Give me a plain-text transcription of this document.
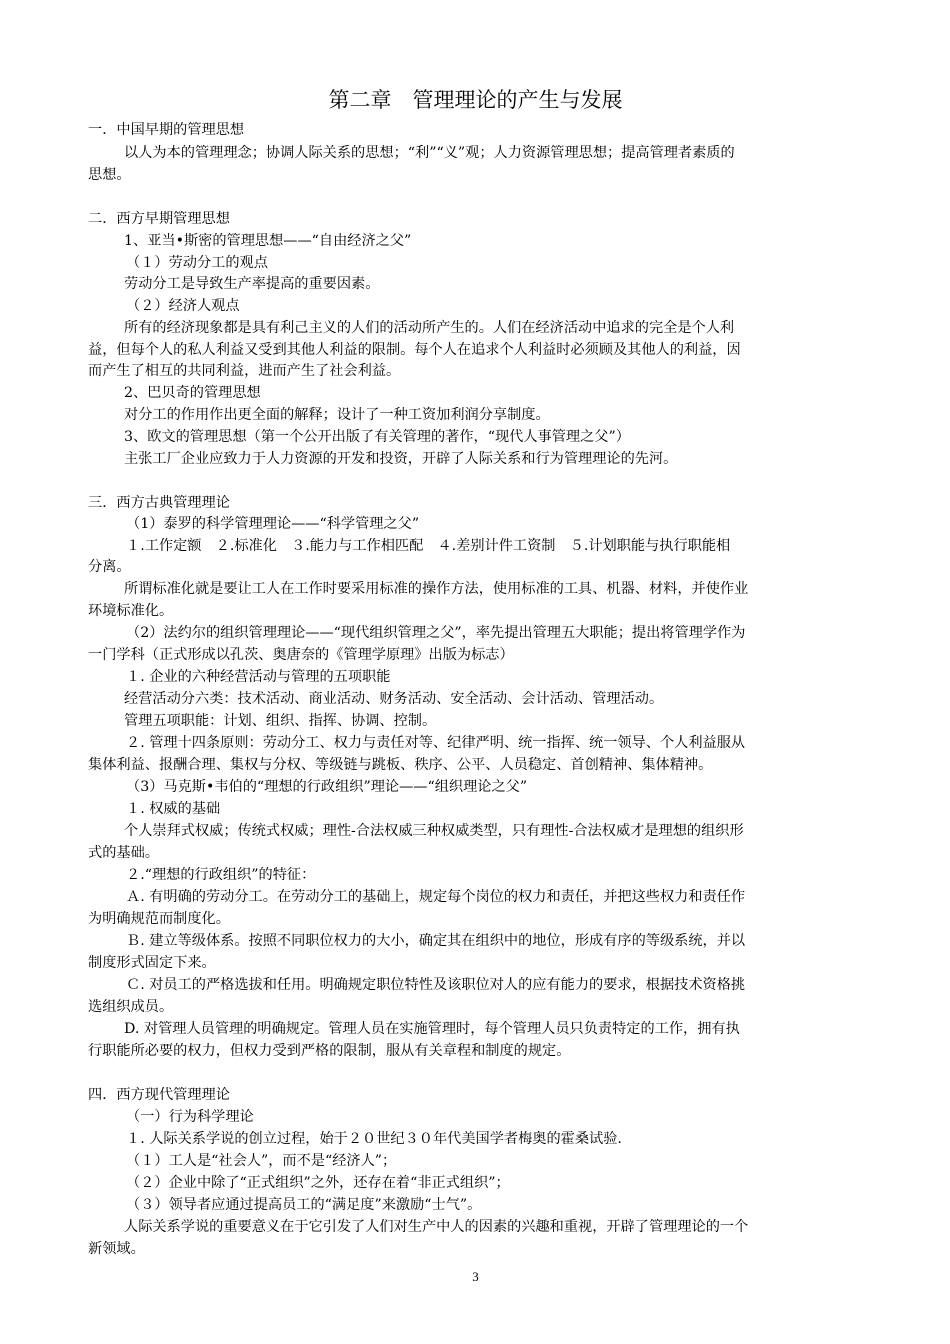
第二章　管理理论的产生与发展
一．中国早期的管理思想
以人为本的管理理念；协调人际关系的思想；“利”“义”观；人力资源管理思想；提高管理者素质的
思想。
二．西方早期管理思想
1、亚当•斯密的管理思想——“自由经济之父”
（１）劳动分工的观点
劳动分工是导致生产率提高的重要因素。
（２）经济人观点
所有的经济现象都是具有利己主义的人们的活动所产生的。人们在经济活动中追求的完全是个人利
益，但每个人的私人利益又受到其他人利益的限制。每个人在追求个人利益时必须顾及其他人的利益，因
而产生了相互的共同利益，进而产生了社会利益。
2、巴贝奇的管理思想
对分工的作用作出更全面的解释；设计了一种工资加利润分享制度。
3、欧文的管理思想（第一个公开出版了有关管理的著作，“现代人事管理之父”）
主张工厂企业应致力于人力资源的开发和投资，开辟了人际关系和行为管理理论的先河。
三．西方古典管理理论
（1）泰罗的科学管理理论——“科学管理之父”
１.工作定额　２.标准化　３.能力与工作相匹配　４.差别计件工资制　５.计划职能与执行职能相
分离。
所谓标准化就是要让工人在工作时要采用标准的操作方法，使用标准的工具、机器、材料，并使作业
环境标准化。
（2）法约尔的组织管理理论——“现代组织管理之父”，率先提出管理五大职能；提出将管理学作为
一门学科（正式形成以孔茨、奥唐奈的《管理学原理》出版为标志）
１. 企业的六种经营活动与管理的五项职能
经营活动分六类：技术活动、商业活动、财务活动、安全活动、会计活动、管理活动。
管理五项职能：计划、组织、指挥、协调、控制。
２. 管理十四条原则：劳动分工、权力与责任对等、纪律严明、统一指挥、统一领导、个人利益服从
集体利益、报酬合理、集权与分权、等级链与跳板、秩序、公平、人员稳定、首创精神、集体精神。
（3）马克斯•韦伯的“理想的行政组织”理论——“组织理论之父”
１. 权威的基础
个人崇拜式权威；传统式权威；理性-合法权威三种权威类型，只有理性-合法权威才是理想的组织形
式的基础。
２.“理想的行政组织”的特征：
Ａ. 有明确的劳动分工。在劳动分工的基础上，规定每个岗位的权力和责任，并把这些权力和责任作
为明确规范而制度化。
Ｂ. 建立等级体系。按照不同职位权力的大小，确定其在组织中的地位，形成有序的等级系统，并以
制度形式固定下来。
Ｃ. 对员工的严格选拔和任用。明确规定职位特性及该职位对人的应有能力的要求，根据技术资格挑
选组织成员。
D. 对管理人员管理的明确规定。管理人员在实施管理时，每个管理人员只负责特定的工作，拥有执
行职能所必要的权力，但权力受到严格的限制，服从有关章程和制度的规定。
四．西方现代管理理论
（一）行为科学理论
１. 人际关系学说的创立过程，始于２０世纪３０年代美国学者梅奥的霍桑试验.
（１）工人是“社会人”，而不是“经济人”；
（２）企业中除了“正式组织”之外，还存在着“非正式组织”；
（３）领导者应通过提高员工的“满足度”来激励“士气”。
人际关系学说的重要意义在于它引发了人们对生产中人的因素的兴趣和重视，开辟了管理理论的一个
新领域。
3
